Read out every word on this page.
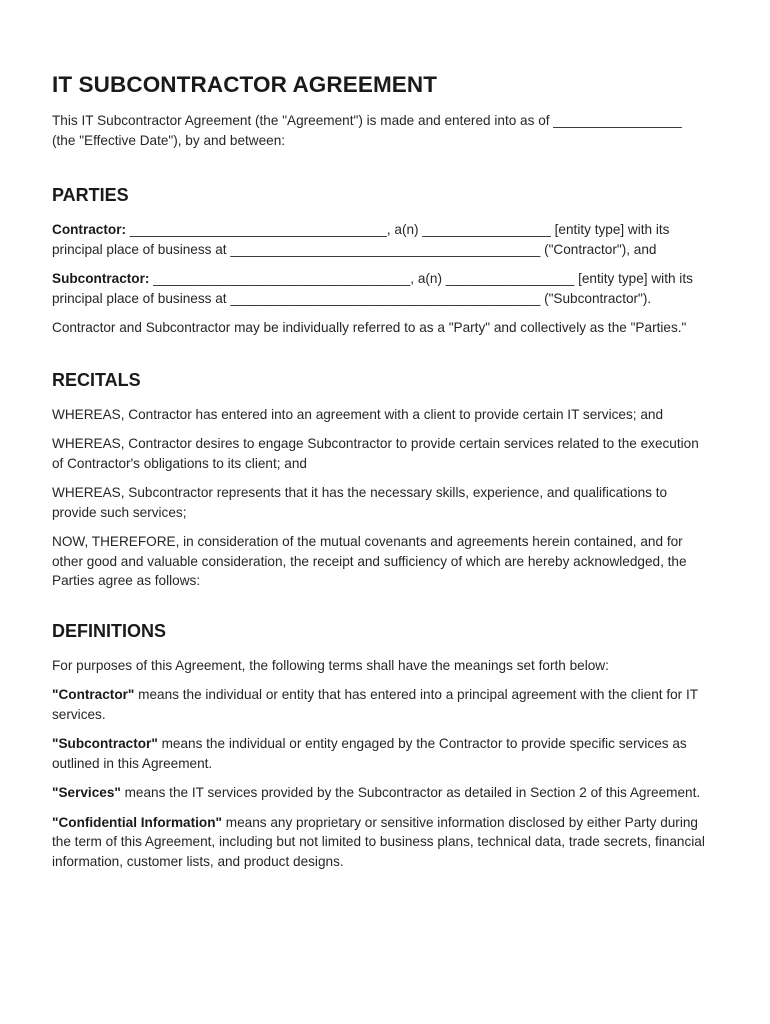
IT SUBCONTRACTOR AGREEMENT

This IT Subcontractor Agreement (the "Agreement") is made and entered into as of _________________ (the "Effective Date"), by and between:

PARTIES

Contractor: __________________________________, a(n) _________________ [entity type] with its principal place of business at _________________________________________ ("Contractor"), and

Subcontractor: __________________________________, a(n) _________________ [entity type] with its principal place of business at _________________________________________ ("Subcontractor").

Contractor and Subcontractor may be individually referred to as a "Party" and collectively as the "Parties."

RECITALS

WHEREAS, Contractor has entered into an agreement with a client to provide certain IT services; and

WHEREAS, Contractor desires to engage Subcontractor to provide certain services related to the execution of Contractor's obligations to its client; and

WHEREAS, Subcontractor represents that it has the necessary skills, experience, and qualifications to provide such services;

NOW, THEREFORE, in consideration of the mutual covenants and agreements herein contained, and for other good and valuable consideration, the receipt and sufficiency of which are hereby acknowledged, the Parties agree as follows:

DEFINITIONS

For purposes of this Agreement, the following terms shall have the meanings set forth below:

"Contractor" means the individual or entity that has entered into a principal agreement with the client for IT services.

"Subcontractor" means the individual or entity engaged by the Contractor to provide specific services as outlined in this Agreement.

"Services" means the IT services provided by the Subcontractor as detailed in Section 2 of this Agreement.

"Confidential Information" means any proprietary or sensitive information disclosed by either Party during the term of this Agreement, including but not limited to business plans, technical data, trade secrets, financial information, customer lists, and product designs.
